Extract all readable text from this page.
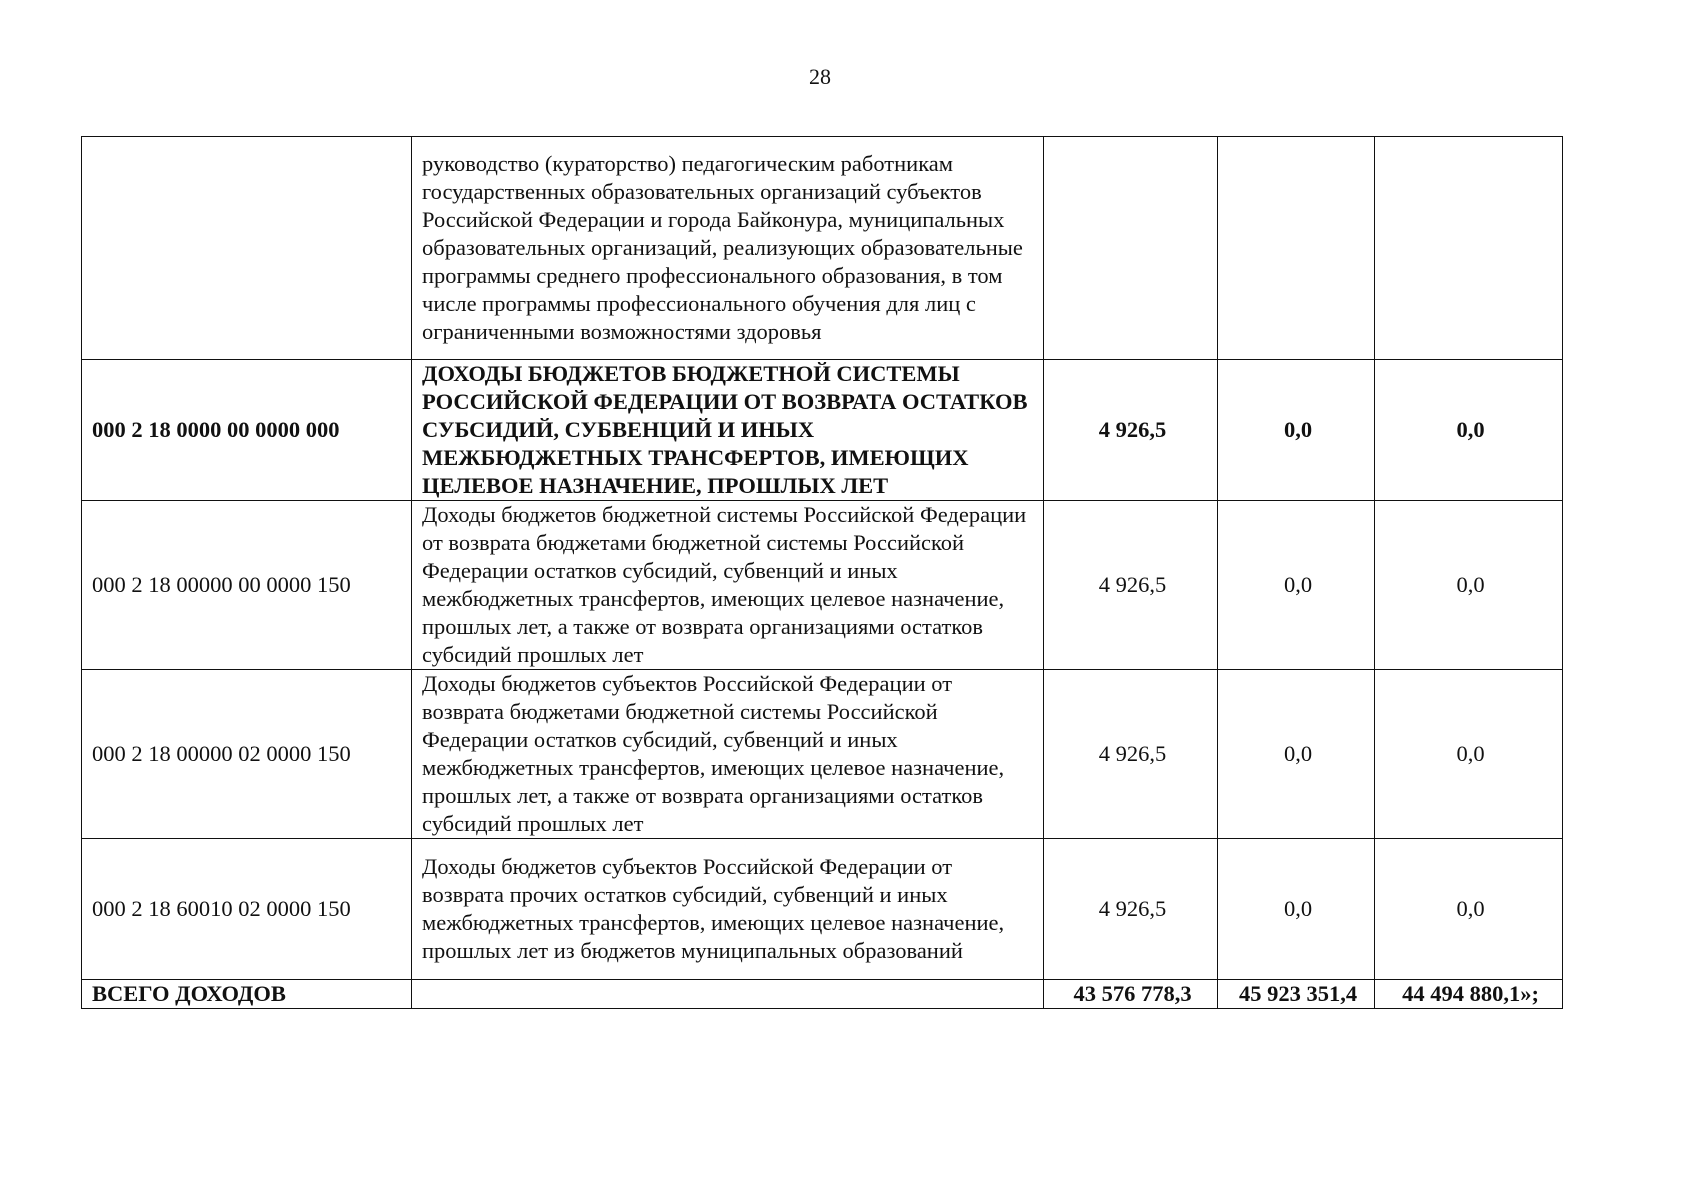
28
	руководство (кураторство) педагогическим работникам государственных образовательных организаций субъектов Российской Федерации и города Байконура, муниципальных образовательных организаций, реализующих образовательные программы среднего профессионального образования, в том числе программы профессионального обучения для лиц с ограниченными возможностями здоровья			
000 2 18 0000 00 0000 000	ДОХОДЫ БЮДЖЕТОВ БЮДЖЕТНОЙ СИСТЕМЫ РОССИЙСКОЙ ФЕДЕРАЦИИ ОТ ВОЗВРАТА ОСТАТКОВ СУБСИДИЙ, СУБВЕНЦИЙ И ИНЫХ МЕЖБЮДЖЕТНЫХ ТРАНСФЕРТОВ, ИМЕЮЩИХ ЦЕЛЕВОЕ НАЗНАЧЕНИЕ, ПРОШЛЫХ ЛЕТ	4 926,5	0,0	0,0
000 2 18 00000 00 0000 150	Доходы бюджетов бюджетной системы Российской Федерации от возврата бюджетами бюджетной системы Российской Федерации остатков субсидий, субвенций и иных межбюджетных трансфертов, имеющих целевое назначение, прошлых лет, а также от возврата организациями остатков субсидий прошлых лет	4 926,5	0,0	0,0
000 2 18 00000 02 0000 150	Доходы бюджетов субъектов Российской Федерации от возврата бюджетами бюджетной системы Российской Федерации остатков субсидий, субвенций и иных межбюджетных трансфертов, имеющих целевое назначение, прошлых лет, а также от возврата организациями остатков субсидий прошлых лет	4 926,5	0,0	0,0
000 2 18 60010 02 0000 150	Доходы бюджетов субъектов Российской Федерации от возврата прочих остатков субсидий, субвенций и иных межбюджетных трансфертов, имеющих целевое назначение, прошлых лет из бюджетов муниципальных образований	4 926,5	0,0	0,0
ВСЕГО ДОХОДОВ		43 576 778,3	45 923 351,4	44 494 880,1»;
